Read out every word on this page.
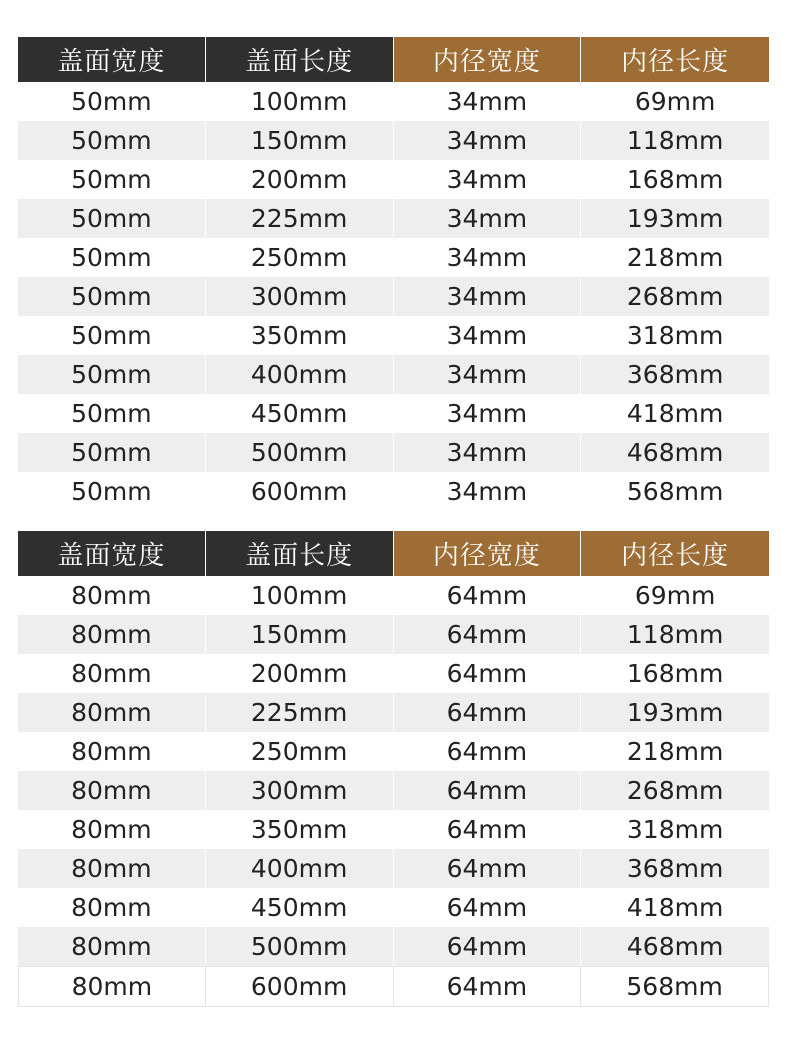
盖面宽度	盖面长度	内径宽度	内径长度
50mm	100mm	34mm	69mm
50mm	150mm	34mm	118mm
50mm	200mm	34mm	168mm
50mm	225mm	34mm	193mm
50mm	250mm	34mm	218mm
50mm	300mm	34mm	268mm
50mm	350mm	34mm	318mm
50mm	400mm	34mm	368mm
50mm	450mm	34mm	418mm
50mm	500mm	34mm	468mm
50mm	600mm	34mm	568mm
盖面宽度	盖面长度	内径宽度	内径长度
80mm	100mm	64mm	69mm
80mm	150mm	64mm	118mm
80mm	200mm	64mm	168mm
80mm	225mm	64mm	193mm
80mm	250mm	64mm	218mm
80mm	300mm	64mm	268mm
80mm	350mm	64mm	318mm
80mm	400mm	64mm	368mm
80mm	450mm	64mm	418mm
80mm	500mm	64mm	468mm
80mm	600mm	64mm	568mm
